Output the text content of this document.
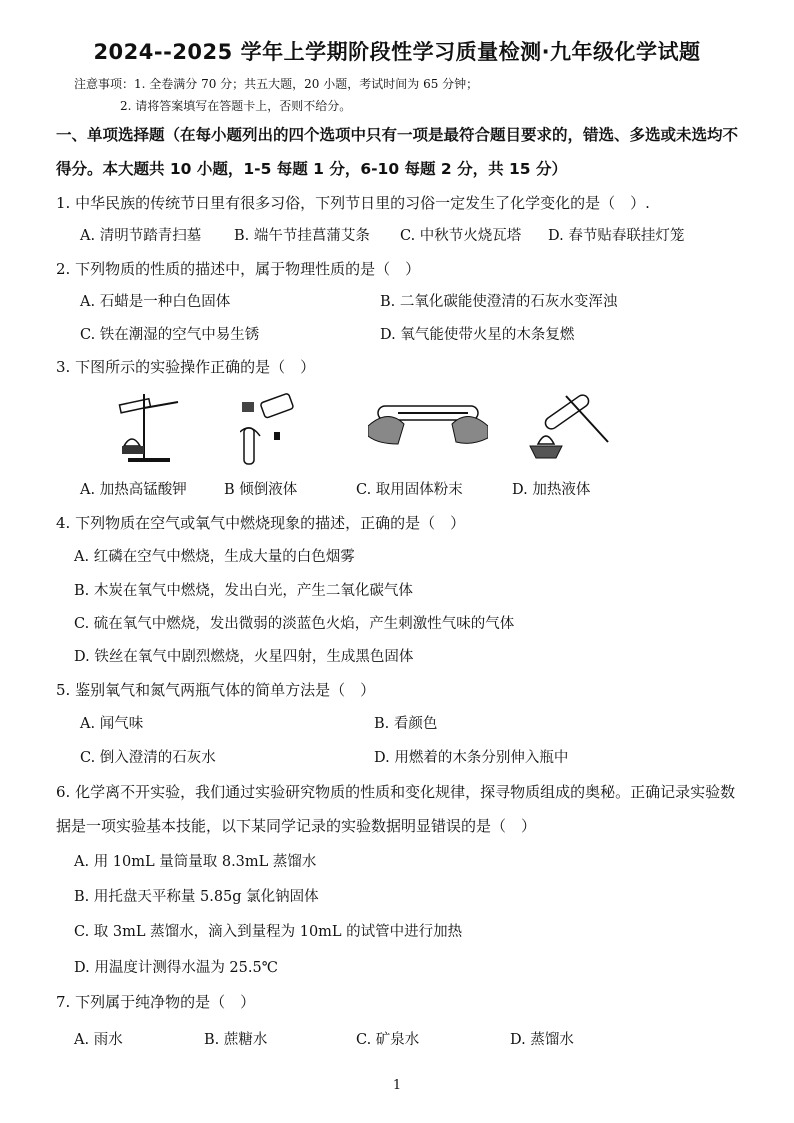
2024--2025 学年上学期阶段性学习质量检测·九年级化学试题
注意事项：1. 全卷满分 70 分；共五大题，20 小题，考试时间为 65 分钟；
2. 请将答案填写在答题卡上，否则不给分。
一、单项选择题（在每小题列出的四个选项中只有一项是最符合题目要求的，错选、多选或未选均不
得分。本大题共 10 小题，1-5 每题 1 分，6-10 每题 2 分，共 15 分）
1. 中华民族的传统节日里有很多习俗，下列节日里的习俗一定发生了化学变化的是（　）.
A. 清明节踏青扫墓 B. 端午节挂菖蒲艾条 C. 中秋节火烧瓦塔 D. 春节贴春联挂灯笼
2. 下列物质的性质的描述中，属于物理性质的是（　）
A. 石蜡是一种白色固体	B. 二氧化碳能使澄清的石灰水变浑浊
C. 铁在潮湿的空气中易生锈	D. 氧气能使带火星的木条复燃
3. 下图所示的实验操作正确的是（　）
A. 加热高锰酸钾	B 倾倒液体	C. 取用固体粉末	D. 加热液体
4. 下列物质在空气或氧气中燃烧现象的描述，正确的是（　）
A. 红磷在空气中燃烧，生成大量的白色烟雾
B. 木炭在氧气中燃烧，发出白光，产生二氧化碳气体
C. 硫在氧气中燃烧，发出微弱的淡蓝色火焰，产生刺激性气味的气体
D. 铁丝在氧气中剧烈燃烧，火星四射，生成黑色固体
5. 鉴别氧气和氮气两瓶气体的简单方法是（　）
A. 闻气味	B. 看颜色
C. 倒入澄清的石灰水	D. 用燃着的木条分别伸入瓶中
6. 化学离不开实验，我们通过实验研究物质的性质和变化规律，探寻物质组成的奥秘。正确记录实验数
据是一项实验基本技能，以下某同学记录的实验数据明显错误的是（　）
A. 用 10mL 量筒量取 8.3mL 蒸馏水
B. 用托盘天平称量 5.85g 氯化钠固体
C. 取 3mL 蒸馏水，滴入到量程为 10mL 的试管中进行加热
D. 用温度计测得水温为 25.5℃
7. 下列属于纯净物的是（　）
A. 雨水	B. 蔗糖水	C. 矿泉水	D. 蒸馏水
1
